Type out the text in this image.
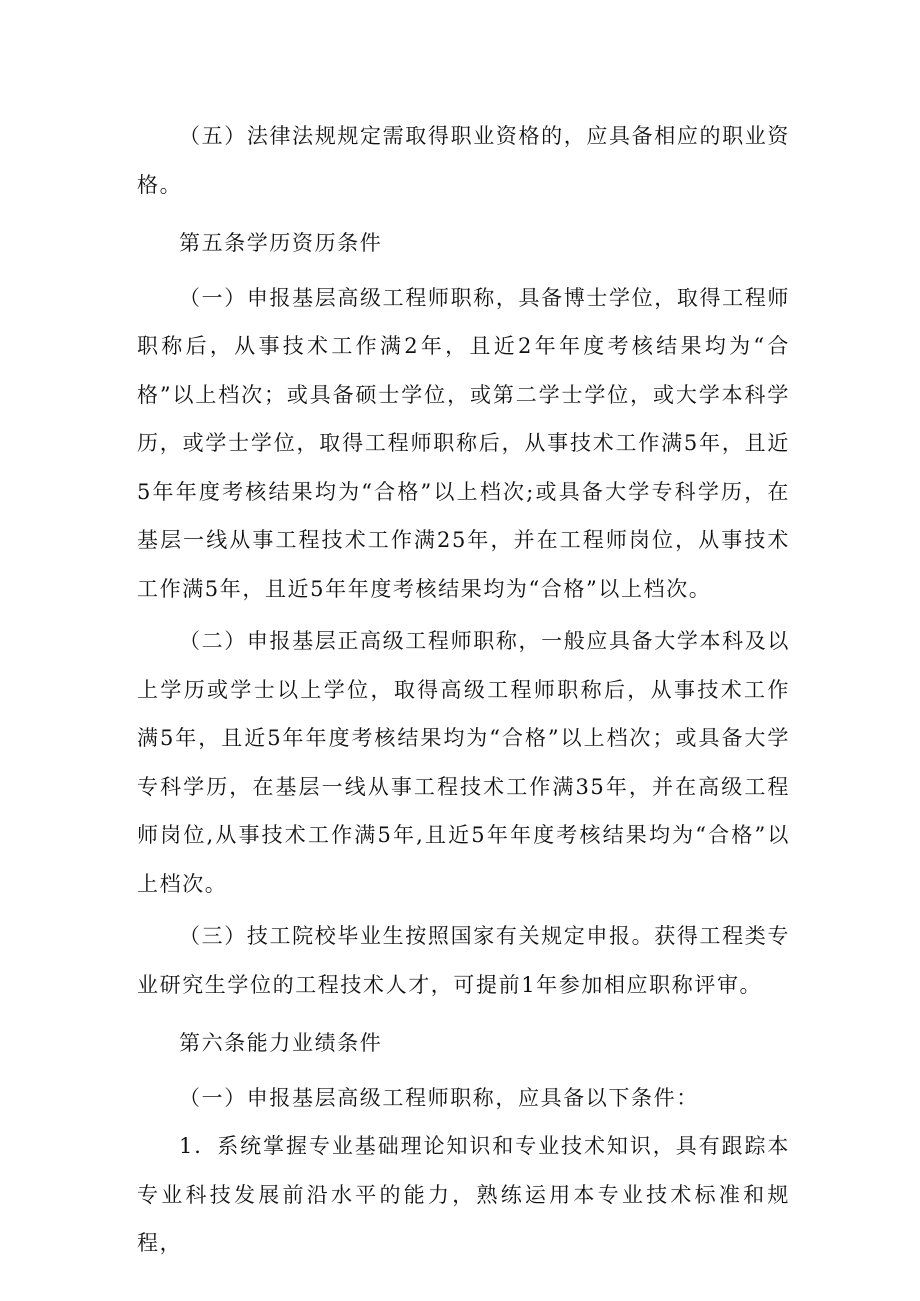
（五）法律法规规定需取得职业资格的，应具备相应的职业资格。

第五条学历资历条件

（一）申报基层高级工程师职称，具备博士学位，取得工程师职称后，从事技术工作满2年，且近2年年度考核结果均为“合格”以上档次；或具备硕士学位，或第二学士学位，或大学本科学历，或学士学位，取得工程师职称后，从事技术工作满5年，且近5年年度考核结果均为“合格”以上档次;或具备大学专科学历，在基层一线从事工程技术工作满25年，并在工程师岗位，从事技术工作满5年，且近5年年度考核结果均为“合格”以上档次。

（二）申报基层正高级工程师职称，一般应具备大学本科及以上学历或学士以上学位，取得高级工程师职称后，从事技术工作满5年，且近5年年度考核结果均为“合格”以上档次；或具备大学专科学历，在基层一线从事工程技术工作满35年，并在高级工程师岗位,从事技术工作满5年,且近5年年度考核结果均为“合格”以上档次。

（三）技工院校毕业生按照国家有关规定申报。获得工程类专业研究生学位的工程技术人才，可提前1年参加相应职称评审。

第六条能力业绩条件

（一）申报基层高级工程师职称，应具备以下条件：

1．系统掌握专业基础理论知识和专业技术知识，具有跟踪本专业科技发展前沿水平的能力，熟练运用本专业技术标准和规程，
